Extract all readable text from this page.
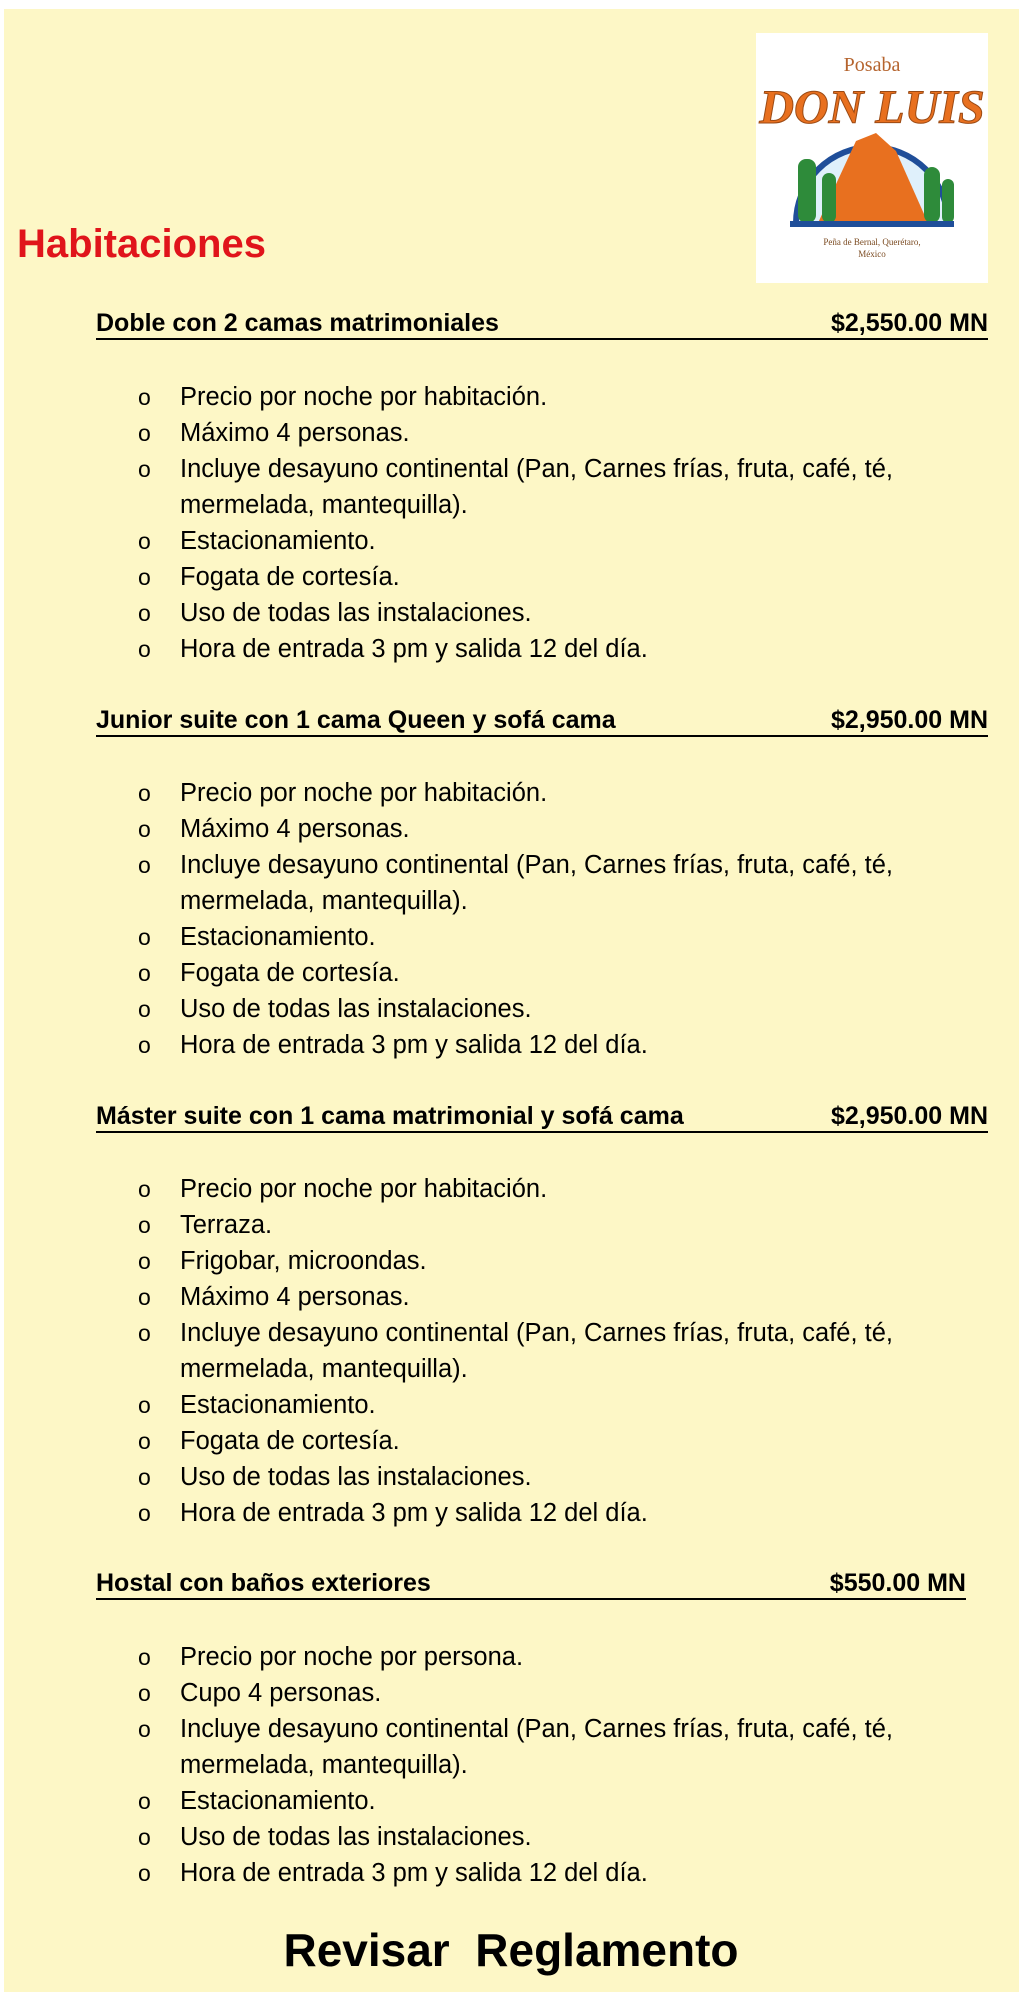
Posaba
DON LUIS
Peña de Bernal, Querétaro,
México
Habitaciones
Doble con 2 camas matrimoniales	$2,550.00 MN
o Precio por noche por habitación.
o Máximo 4 personas.
o Incluye desayuno continental (Pan, Carnes frías, fruta, café, té, mermelada, mantequilla).
o Estacionamiento.
o Fogata de cortesía.
o Uso de todas las instalaciones.
o Hora de entrada 3 pm y salida 12 del día.
Junior suite con 1 cama Queen y sofá cama	$2,950.00 MN
o Precio por noche por habitación.
o Máximo 4 personas.
o Incluye desayuno continental (Pan, Carnes frías, fruta, café, té, mermelada, mantequilla).
o Estacionamiento.
o Fogata de cortesía.
o Uso de todas las instalaciones.
o Hora de entrada 3 pm y salida 12 del día.
Máster suite con 1 cama matrimonial y sofá cama	$2,950.00 MN
o Precio por noche por habitación.
o Terraza.
o Frigobar, microondas.
o Máximo 4 personas.
o Incluye desayuno continental (Pan, Carnes frías, fruta, café, té, mermelada, mantequilla).
o Estacionamiento.
o Fogata de cortesía.
o Uso de todas las instalaciones.
o Hora de entrada 3 pm y salida 12 del día.
Hostal con baños exteriores	$550.00 MN
o Precio por noche por persona.
o Cupo 4 personas.
o Incluye desayuno continental (Pan, Carnes frías, fruta, café, té, mermelada, mantequilla).
o Estacionamiento.
o Uso de todas las instalaciones.
o Hora de entrada 3 pm y salida 12 del día.
Revisar  Reglamento
